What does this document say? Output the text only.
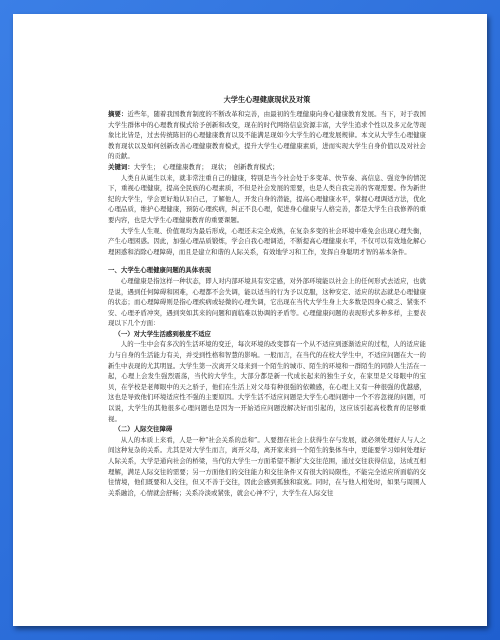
大学生心理健康现状及对策

摘要：近些年，随着我国教育制度的不断改革和完善，由最初的生理健康向身心健康教育发展。当下，对于我国大学生群体中的心理教育模式给予创新和改变，现在的时代网络信息资源丰富，大学生追求个性以及多元化等现象比比皆是，过去传统陈旧的心理健康教育以及不能满足现如今大学生的心理发展规律。本文从大学生心理健康教育现状以及如何创新改善心理健康教育模式，提升大学生心理健康素质，进而实现大学生自身价值以及对社会的贡献。

关键词：大学生；　心理健康教育；　现状；　创新教育模式；

人类自从诞生以来，就非常注重自己的健康，特别是当今社会处于多变革、快节奏、高信息、强竞争的情况下，重视心理健康，提高全民族的心理素质，不但是社会发展的需要，也是人类自我完善的客观需要。作为新世纪的大学生，学会更好地认识自己，了解他人，开发自身的潜能，提高心理健康水平，掌握心理调适方法，优化心理品质，维护心理健康，预防心理疾病，纠正不良心理，促进身心健康与人格完善，都是大学生自我修养的重要内容，也是大学生心理健康教育的重要课题。

大学生人生观、价值观均为最后形成，心理还未完全成熟，在复杂多变的社会环境中难免会出现心理失衡，产生心理困惑。因此，加强心理品质锻炼，学会自我心理调适，不断提高心理健康水平，不仅可以有效地化解心理困惑和消除心理障碍，而且是建立和谐的人际关系，有效地学习和工作，发挥自身聪明才智的基本条件。

一、大学生心理健康问题的具体表现

心理健康是指这样一种状态，即人对内部环境具有安定感，对外部环境能以社会上的任何形式去适应，也就是说，遇到任何障碍和困难，心理都不会失调，能以适当的行为予以克服，这种安定、适应的状态就是心理健康的状态；而心理障碍则是指心理疾病或轻微的心理失调，它出现在当代大学生身上大多数是因身心疲乏、紧张不安、心理矛盾冲突，遇到突如其来的问题和面临难以协调的矛盾等。心理健康问题的表现形式多种多样，主要表现以下几个方面：

（一）对大学生活感到极度不适应

人的一生中会有多次的生活环境的变迁，每次环境的改变都有一个从不适应到逐渐适应的过程，人的适应能力与自身的生活能力有关，并受到性格和智慧的影响。一般而言，在当代的在校大学生中，不适应问题在大一的新生中表现的尤其明显。大学生第一次离开父母来到一个陌生的城市、陌生的环境和一群陌生的同龄人生活在一起，心理上会发生强烈震荡，当代的大学生，大部分都是新一代成长起来的独生子女，在家里是父母眼中的宝贝，在学校是老师眼中的天之骄子，他们在生活上对父母有种很强的依赖感，在心理上又有一种很强的优越感，这也是导致他们环境适应性不强的主要原因。大学生活不适应问题是大学生心理问题中一个不容忽视的问题，可以说，大学生的其他很多心理问题也是因为一开始适应问题没解决好而引起的，这应该引起高校教育的足够重视。

（二）人际交往障碍

从人的本质上来看，人是一种“社会关系的总和”。人要想在社会上获得生存与发展，就必须处理好人与人之间这种复杂的关系。尤其是对大学生而言，离开父母，离开家来到一个陌生的集体当中，更能要学习如何处理好人际关系，大学是通向社会的桥梁，当代的大学生一方面希望不断扩大交往范围，通过交往获得信息，达成互相理解，满足人际交往的需要；另一方面他们的交往能力和交往条件又有很大的局限性，不能完全适应所面临的交往情境，他们既要和人交往，但又不善于交往，因此会感到孤独和寂寞。同时，在与他人相处时，如果与周围人关系融洽，心情就会舒畅；关系冷淡或紧张，就会心神不宁，大学生在人际交往
